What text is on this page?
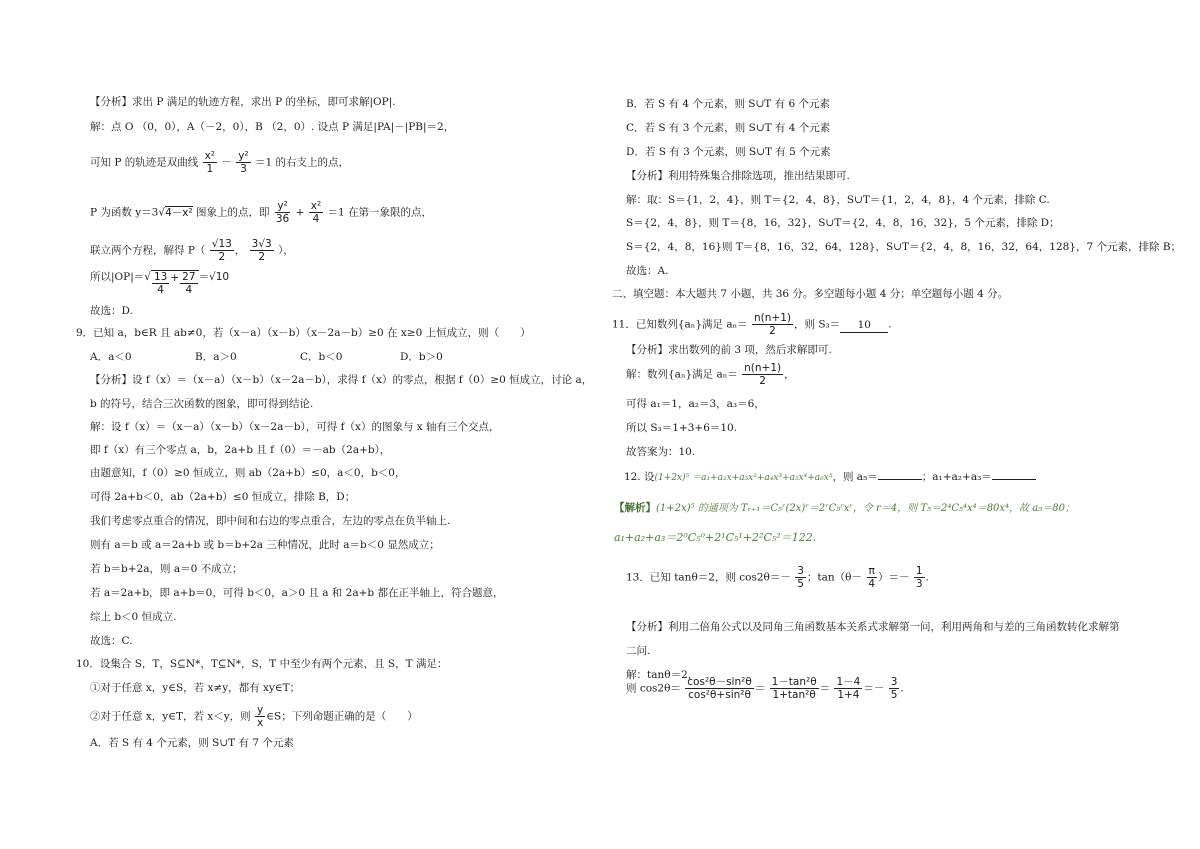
【分析】求出 P 满足的轨迹方程，求出 P 的坐标，即可求解|OP|.
解：点 O （0，0），A（－2，0），B （2，0）. 设点 P 满足|PA|－|PB|＝2，
可知 P 的轨迹是双曲线 $\frac{\text{x²}}{1} - \frac{\text{y²}}{3} =1$ 的右支上的点，
P 为函数 y＝3√4－x² 图象上的点，即 $\frac{\text{y²}}{36} + \frac{\text{x²}}{4} =1$ 在第一象限的点，
联立两个方程，解得 $P( \frac{√13}{2}$ ， $\frac{3√3}{2}$ ），
所以$|OP|=√ \frac{13}{4} + \frac{27}{4} =√10$
故选：D.
9．已知 a，b∈R 且 ab≠0，若（x－a）（x－b）（x－2a－b）≥0 在 x≥0 上恒成立，则（　　）
A．a＜0	B．a＞0	C．b＜0	D．b＞0
【分析】设 f（x）＝（x－a）（x－b）（x－2a－b），求得 f（x）的零点，根据 f（0）≥0 恒成立，讨论 a，
b 的符号，结合三次函数的图象，即可得到结论.
解：设 f（x）＝（x－a）（x－b）（x－2a－b），可得 f（x）的图象与 x 轴有三个交点，
即 f（x）有三个零点 a，b，2a+b 且 f（0）＝－ab（2a+b），
由题意知，f（0）≥0 恒成立，则 ab（2a+b）≤0，a＜0，b＜0，
可得 2a+b＜0，ab（2a+b）≤0 恒成立，排除 B，D；
我们考虑零点重合的情况，即中间和右边的零点重合，左边的零点在负半轴上.
则有 a＝b 或 a＝2a+b 或 b＝b+2a 三种情况，此时 a＝b＜0 显然成立；
若 b＝b+2a，则 a＝0 不成立；
若 a＝2a+b，即 a+b＝0，可得 b＜0，a＞0 且 a 和 2a+b 都在正半轴上，符合题意，
综上 b＜0 恒成立.
故选：C.
10．设集合 S，T，S⊆N*，T⊆N*，S，T 中至少有两个元素，且 S，T 满足：
①对于任意 x，y∈S，若 x≠y，都有 xy∈T；
②对于任意 x，y∈T，若 x＜y，则 $\frac{y}{x}$ ∈S；下列命题正确的是（　　）
A．若 S 有 4 个元素，则 S∪T 有 7 个元素
B．若 S 有 4 个元素，则 S∪T 有 6 个元素
C．若 S 有 3 个元素，则 S∪T 有 4 个元素
D．若 S 有 3 个元素，则 S∪T 有 5 个元素
【分析】利用特殊集合排除选项，推出结果即可.
解：取：S＝{1，2，4}，则 T＝{2，4，8}，S∪T＝{1，2，4，8}，4 个元素，排除 C.
S＝{2，4，8}，则 T＝{8，16，32}，S∪T＝{2，4，8，16，32}，5 个元素，排除 D；
S＝{2，4，8，16}则 T＝{8，16，32，64，128}，S∪T＝{2，4，8，16，32，64，128}，7 个元素，排除 B；
故选：A.
二、填空题：本大题共 7 小题，共 36 分。多空题每小题 4 分；单空题每小题 4 分。
11．已知数列{aₙ}满足 $a_n= \frac{n(n+1)}{2}$ ，则 S₃＝ 10 .
【分析】求出数列的前 3 项，然后求解即可.
解：数列{aₙ}满足 $a_n= \frac{n(n+1)}{2}$ ，
可得 a₁＝1，a₂＝3，a₃＝6，
所以 S₃＝1+3+6＝10.
故答案为：10.
12. 设(1+2x)⁵ ＝a₁+a₂x+a₃x²+a₄x³+a₅x⁴+a₆x⁵，则 a₅＝	；a₁+a₂+a₃＝
【解析】(1+2x)⁵ 的通项为 Tᵣ₊₁＝C₅ʳ(2x)ʳ＝2ʳC₅ʳxʳ，令 r＝4，则 T₅＝2⁴C₅⁴x⁴＝80x⁴，故 a₅＝80；
a₁+a₂+a₃＝2⁰C₅⁰+2¹C₅¹+2²C₅²＝122.
13．已知 tanθ＝2，则 $\cos 2\theta=- \frac{3}{5}$ ；$\tan(\theta- \frac{\pi}{4}$ ）＝－ $\frac{1}{3}$ .
【分析】利用二倍角公式以及同角三角函数基本关系式求解第一问，利用两角和与差的三角函数转化求解第
二问.
解：tanθ＝2，
则 $\cos 2\theta= \frac{\text{cos²θ－sin²θ}}{\text{cos²θ+sin²θ}} = \frac{\text{1－tan²θ}}{\text{1+tan²θ}} = \frac{1-4}{1+4} =- \frac{3}{5}$ .
